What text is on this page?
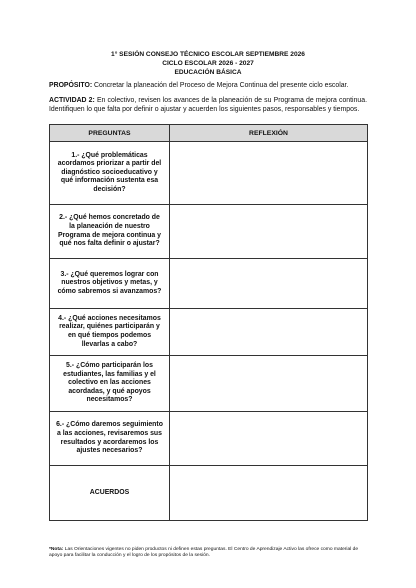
1° SESIÓN CONSEJO TÉCNICO ESCOLAR SEPTIEMBRE 2026
CICLO ESCOLAR 2026 - 2027
EDUCACIÓN BÁSICA
PROPÓSITO: Concretar la planeación del Proceso de Mejora Continua del presente ciclo escolar.
ACTIVIDAD 2: En colectivo, revisen los avances de la planeación de su Programa de mejora continua. Identifiquen lo que falta por definir o ajustar y acuerden los siguientes pasos, responsables y tiempos.
PREGUNTAS	REFLEXIÓN
1.- ¿Qué problemáticas acordamos priorizar a partir del diagnóstico socioeducativo y qué información sustenta esa decisión?	
2.- ¿Qué hemos concretado de la planeación de nuestro Programa de mejora continua y qué nos falta definir o ajustar?	
3.- ¿Qué queremos lograr con nuestros objetivos y metas, y cómo sabremos si avanzamos?	
4.- ¿Qué acciones necesitamos realizar, quiénes participarán y en qué tiempos podemos llevarlas a cabo?	
5.- ¿Cómo participarán los estudiantes, las familias y el colectivo en las acciones acordadas, y qué apoyos necesitamos?	
6.- ¿Cómo daremos seguimiento a las acciones, revisaremos sus resultados y acordaremos los ajustes necesarios?	
ACUERDOS	
*Nota: Las Orientaciones vigentes no piden productos ni definen estas preguntas. El Centro de Aprendizaje Activo las ofrece como material de apoyo para facilitar la conducción y el logro de los propósitos de la sesión.
